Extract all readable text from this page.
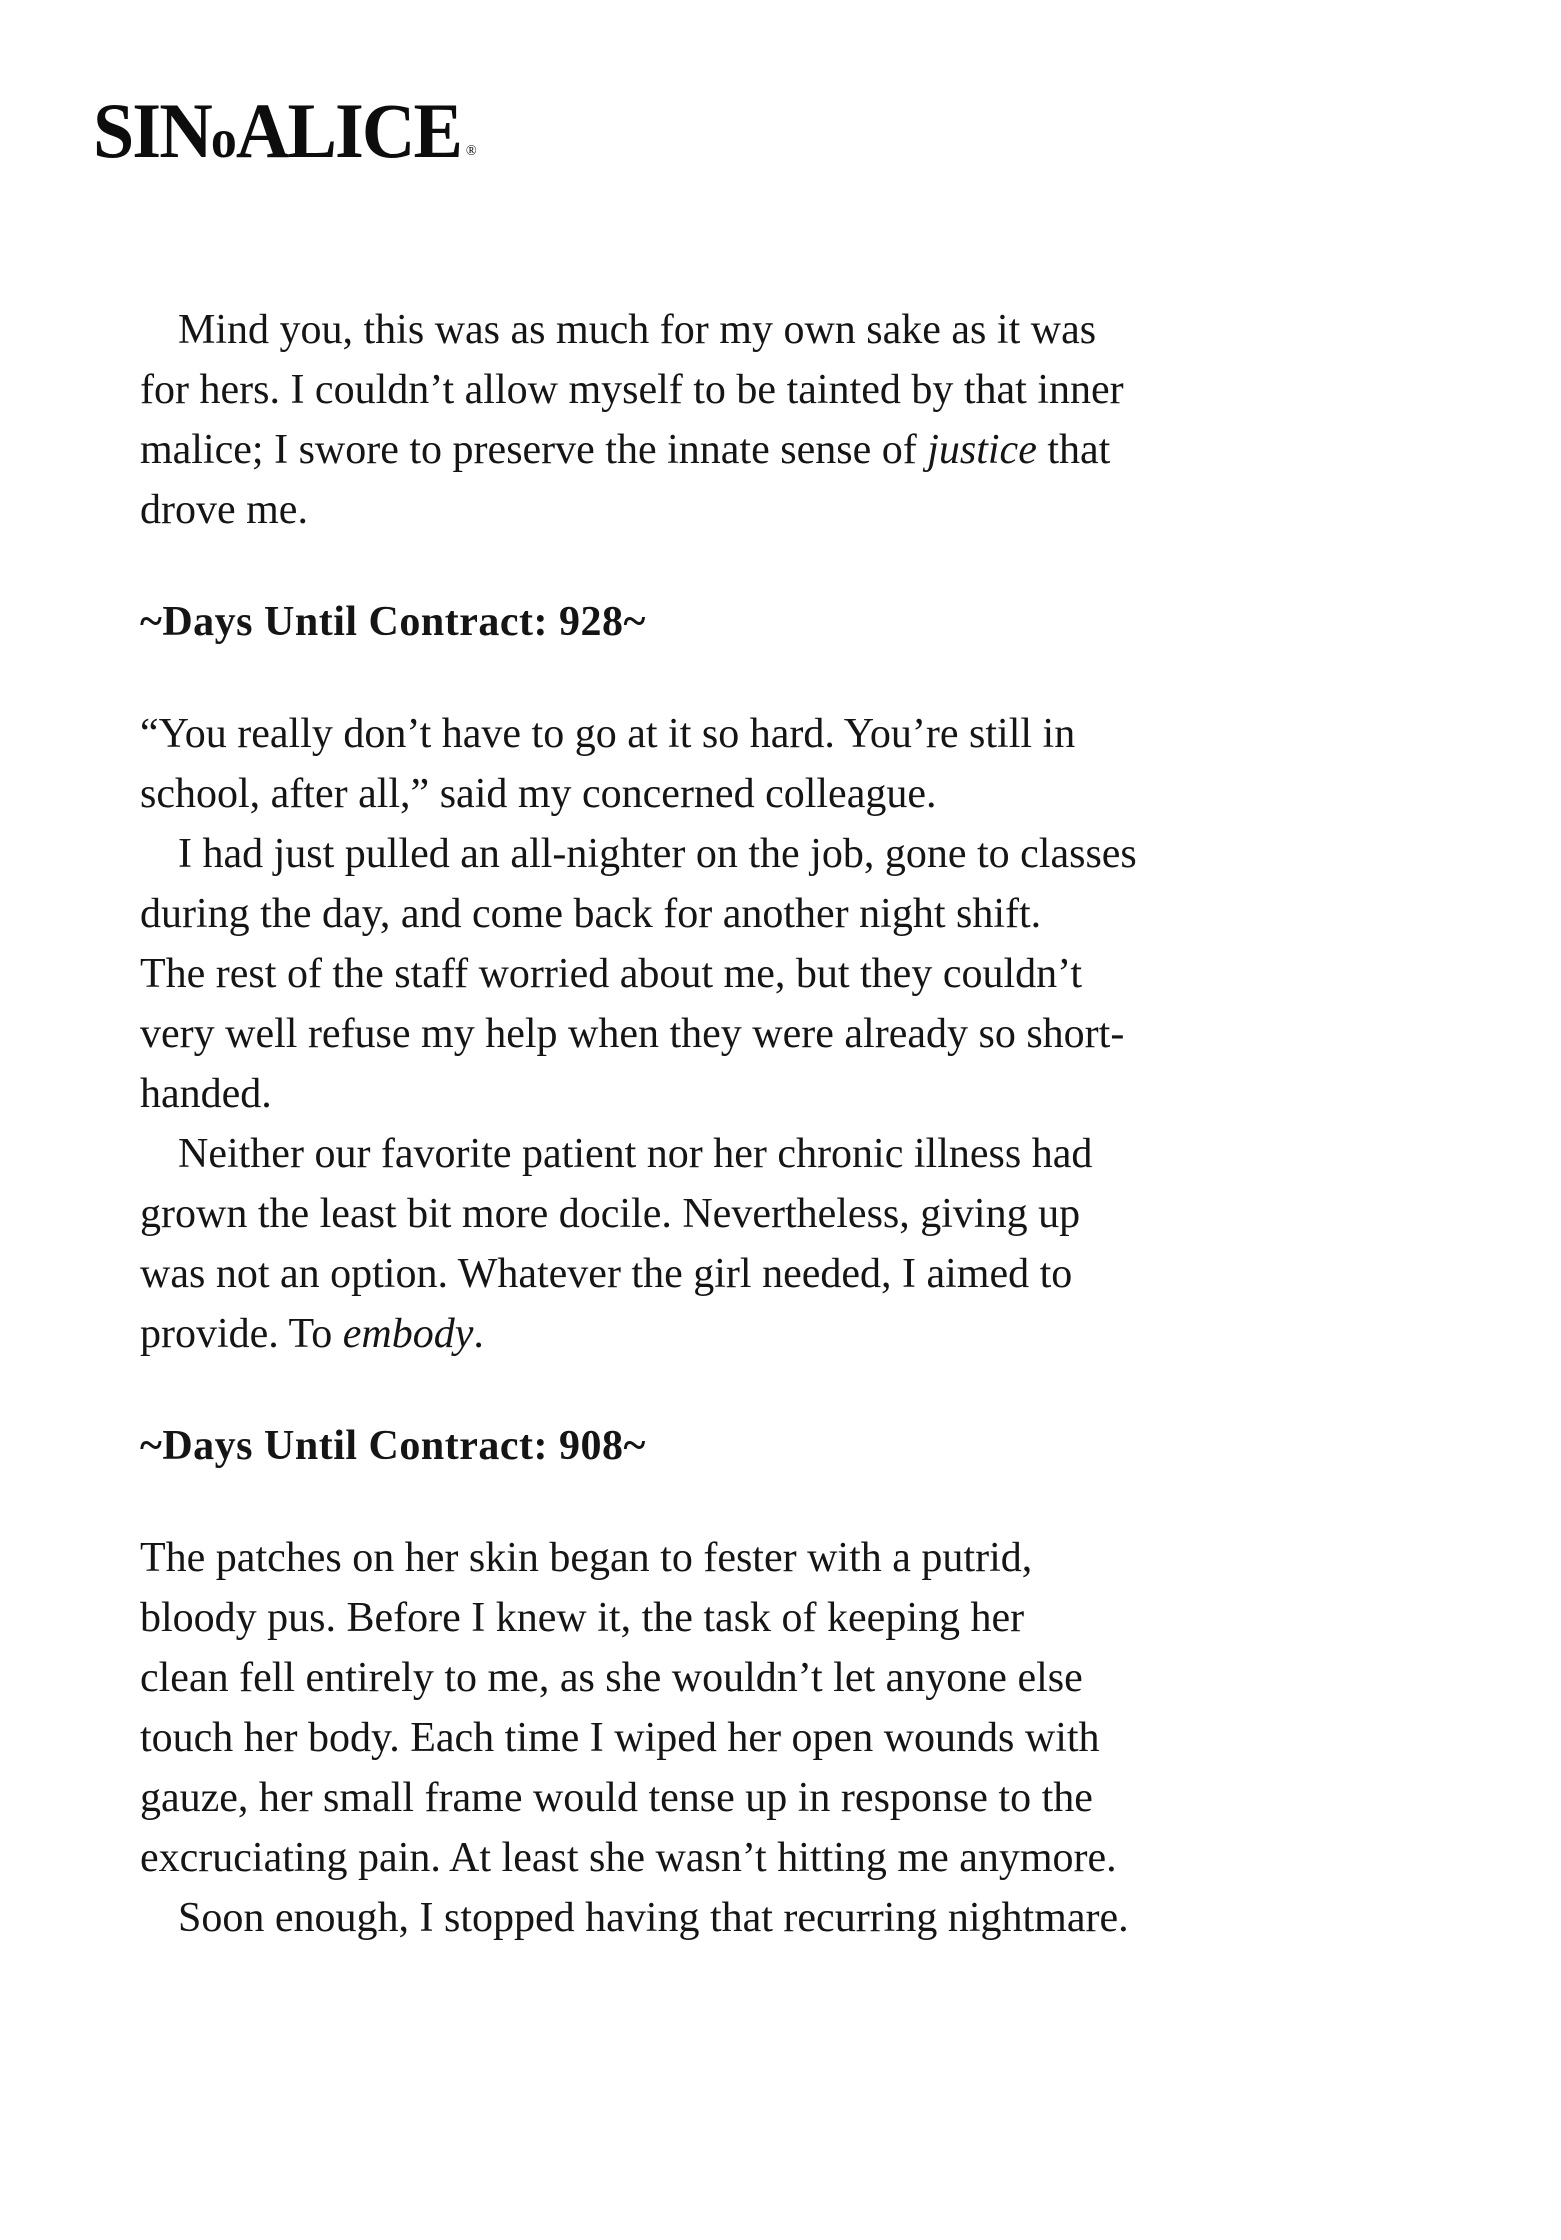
SINoALICE ®
Mind you, this was as much for my own sake as it was
for hers. I couldn’t allow myself to be tainted by that inner
malice; I swore to preserve the innate sense of justice that
drove me.
~Days Until Contract: 928~
“You really don’t have to go at it so hard. You’re still in
school, after all,” said my concerned colleague.
I had just pulled an all-nighter on the job, gone to classes
during the day, and come back for another night shift.
The rest of the staff worried about me, but they couldn’t
very well refuse my help when they were already so short-
handed.
Neither our favorite patient nor her chronic illness had
grown the least bit more docile. Nevertheless, giving up
was not an option. Whatever the girl needed, I aimed to
provide. To embody.
~Days Until Contract: 908~
The patches on her skin began to fester with a putrid,
bloody pus. Before I knew it, the task of keeping her
clean fell entirely to me, as she wouldn’t let anyone else
touch her body. Each time I wiped her open wounds with
gauze, her small frame would tense up in response to the
excruciating pain. At least she wasn’t hitting me anymore.
Soon enough, I stopped having that recurring nightmare.
